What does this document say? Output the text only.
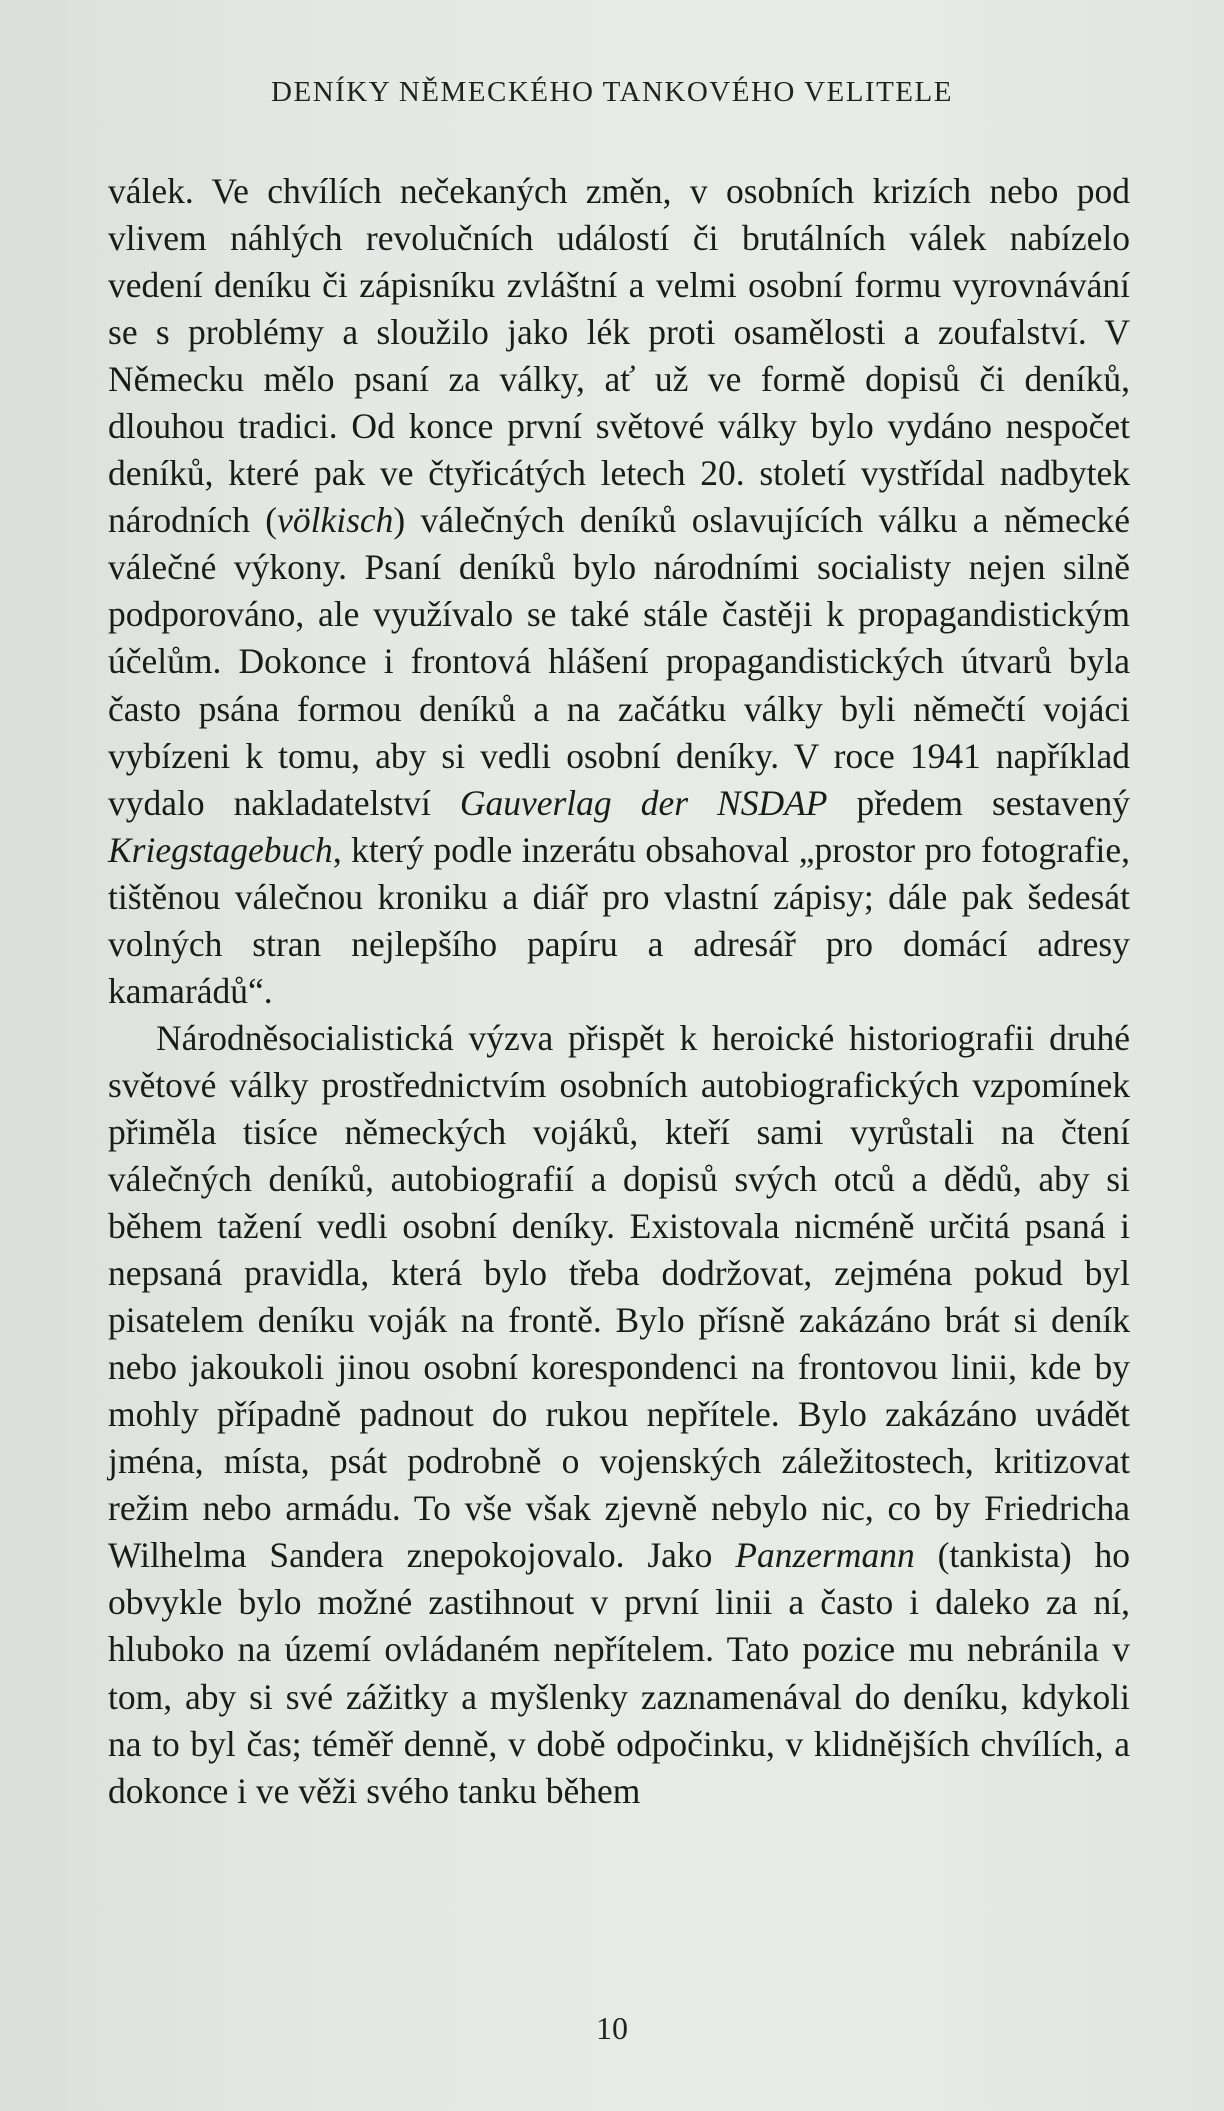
DENÍKY NĚMECKÉHO TANKOVÉHO VELITELE

válek. Ve chvílích nečekaných změn, v osobních krizích nebo pod vlivem náhlých revolučních událostí či brutálních válek nabízelo vedení deníku či zápisníku zvláštní a velmi osobní formu vyrovnávání se s problémy a sloužilo jako lék proti osamělosti a zoufalství. V Německu mělo psaní za války, ať už ve formě dopisů či deníků, dlouhou tradici. Od konce první světové války bylo vydáno nespočet deníků, které pak ve čtyřicátých letech 20. století vystřídal nadbytek národních (völkisch) válečných deníků oslavujících válku a německé válečné výkony. Psaní deníků bylo národními socialisty nejen silně podporováno, ale využívalo se také stále častěji k propagandistickým účelům. Dokonce i frontová hlášení propagandistických útvarů byla často psána formou deníků a na začátku války byli němečtí vojáci vybízeni k tomu, aby si vedli osobní deníky. V roce 1941 například vydalo nakladatelství Gauverlag der NSDAP předem sestavený Kriegstagebuch, který podle inzerátu obsahoval „prostor pro fotografie, tištěnou válečnou kroniku a diář pro vlastní zápisy; dále pak šedesát volných stran nejlepšího papíru a adresář pro domácí adresy kamarádů“.

Národněsocialistická výzva přispět k heroické historiografii druhé světové války prostřednictvím osobních autobiografických vzpomínek přiměla tisíce německých vojáků, kteří sami vyrůstali na čtení válečných deníků, autobiografií a dopisů svých otců a dědů, aby si během tažení vedli osobní deníky. Existovala nicméně určitá psaná i nepsaná pravidla, která bylo třeba dodržovat, zejména pokud byl pisatelem deníku voják na frontě. Bylo přísně zakázáno brát si deník nebo jakoukoli jinou osobní korespondenci na frontovou linii, kde by mohly případně padnout do rukou nepřítele. Bylo zakázáno uvádět jména, místa, psát podrobně o vojenských záležitostech, kritizovat režim nebo armádu. To vše však zjevně nebylo nic, co by Friedricha Wilhelma Sandera znepokojovalo. Jako Panzermann (tankista) ho obvykle bylo možné zastihnout v první linii a často i daleko za ní, hluboko na území ovládaném nepřítelem. Tato pozice mu nebránila v tom, aby si své zážitky a myšlenky zaznamenával do deníku, kdykoli na to byl čas; téměř denně, v době odpočinku, v klidnějších chvílích, a dokonce i ve věži svého tanku během

10
